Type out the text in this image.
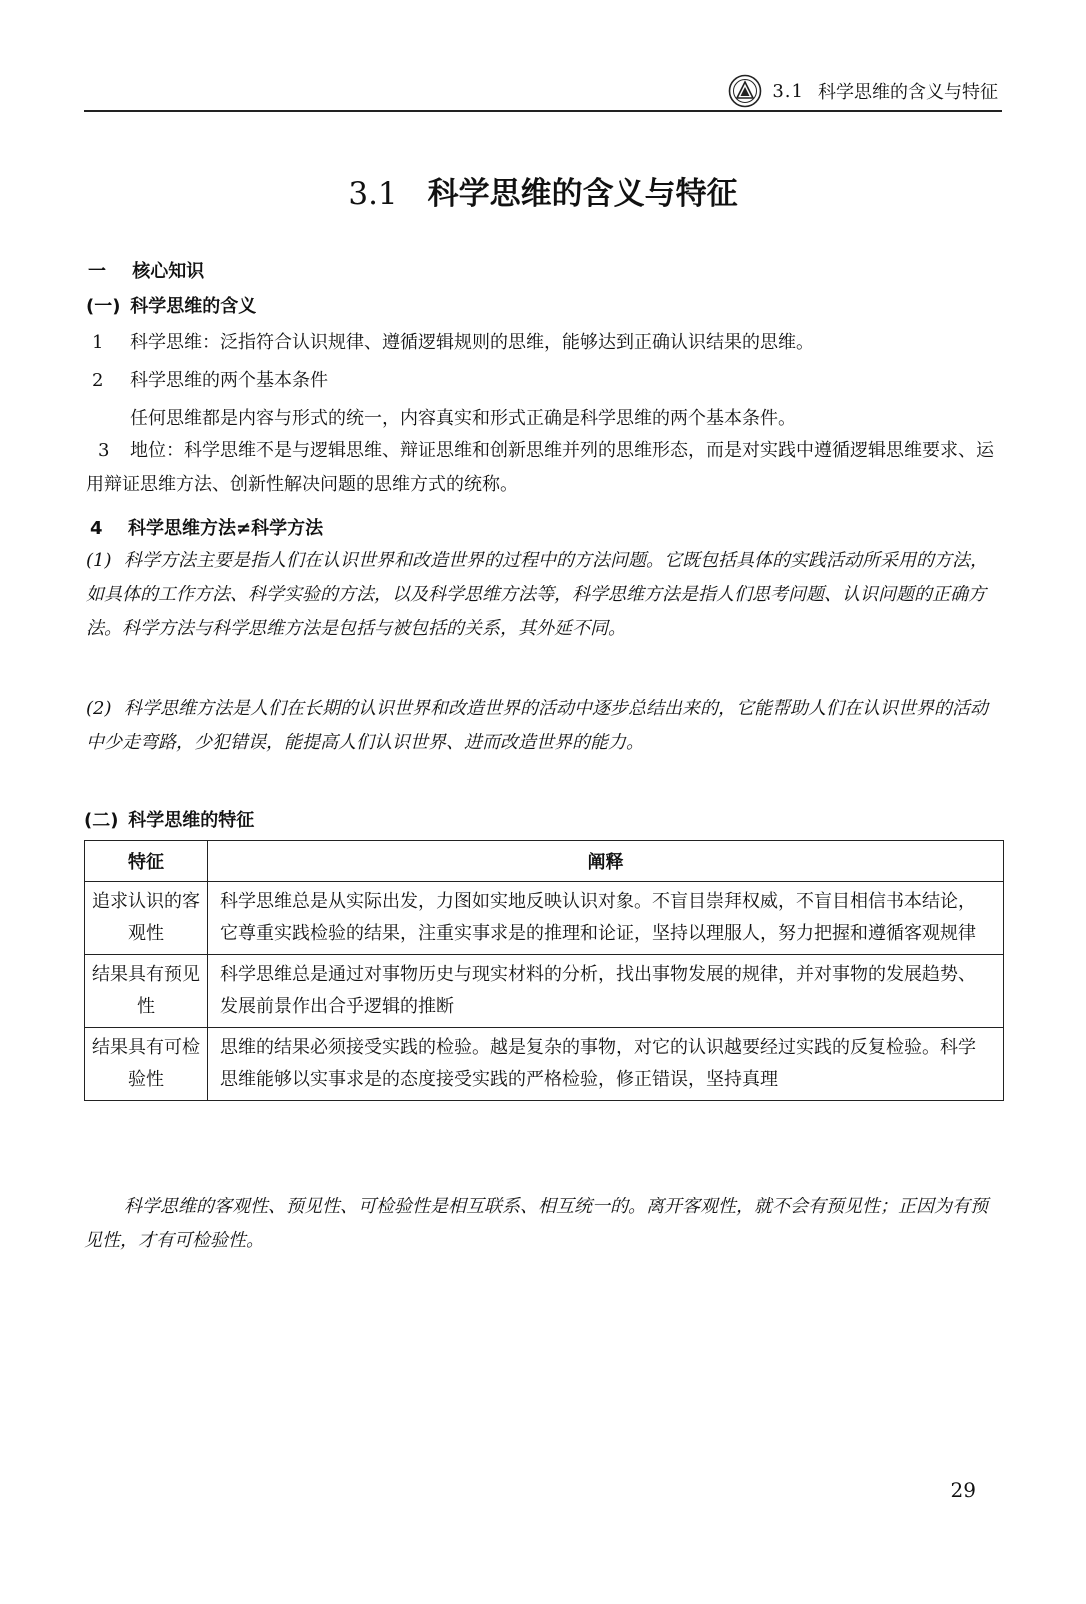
3.1 科学思维的含义与特征
3.1 科学思维的含义与特征
一 核心知识
(一) 科学思维的含义
1 科学思维：泛指符合认识规律、遵循逻辑规则的思维，能够达到正确认识结果的思维。
2 科学思维的两个基本条件
任何思维都是内容与形式的统一，内容真实和形式正确是科学思维的两个基本条件。
3 地位：科学思维不是与逻辑思维、辩证思维和创新思维并列的思维形态，而是对实践中遵循逻辑思维要求、运用辩证思维方法、创新性解决问题的思维方式的统称。
4 科学思维方法≠科学方法
(1) 科学方法主要是指人们在认识世界和改造世界的过程中的方法问题。它既包括具体的实践活动所采用的方法，如具体的工作方法、科学实验的方法，以及科学思维方法等，科学思维方法是指人们思考问题、认识问题的正确方法。科学方法与科学思维方法是包括与被包括的关系，其外延不同。
(2) 科学思维方法是人们在长期的认识世界和改造世界的活动中逐步总结出来的，它能帮助人们在认识世界的活动中少走弯路，少犯错误，能提高人们认识世界、进而改造世界的能力。
(二) 科学思维的特征
特征	阐释
追求认识的客观性	科学思维总是从实际出发，力图如实地反映认识对象。不盲目崇拜权威，不盲目相信书本结论，它尊重实践检验的结果，注重实事求是的推理和论证，坚持以理服人，努力把握和遵循客观规律
结果具有预见性	科学思维总是通过对事物历史与现实材料的分析，找出事物发展的规律，并对事物的发展趋势、发展前景作出合乎逻辑的推断
结果具有可检验性	思维的结果必须接受实践的检验。越是复杂的事物，对它的认识越要经过实践的反复检验。科学思维能够以实事求是的态度接受实践的严格检验，修正错误，坚持真理
科学思维的客观性、预见性、可检验性是相互联系、相互统一的。离开客观性，就不会有预见性；正因为有预见性，才有可检验性。
29
